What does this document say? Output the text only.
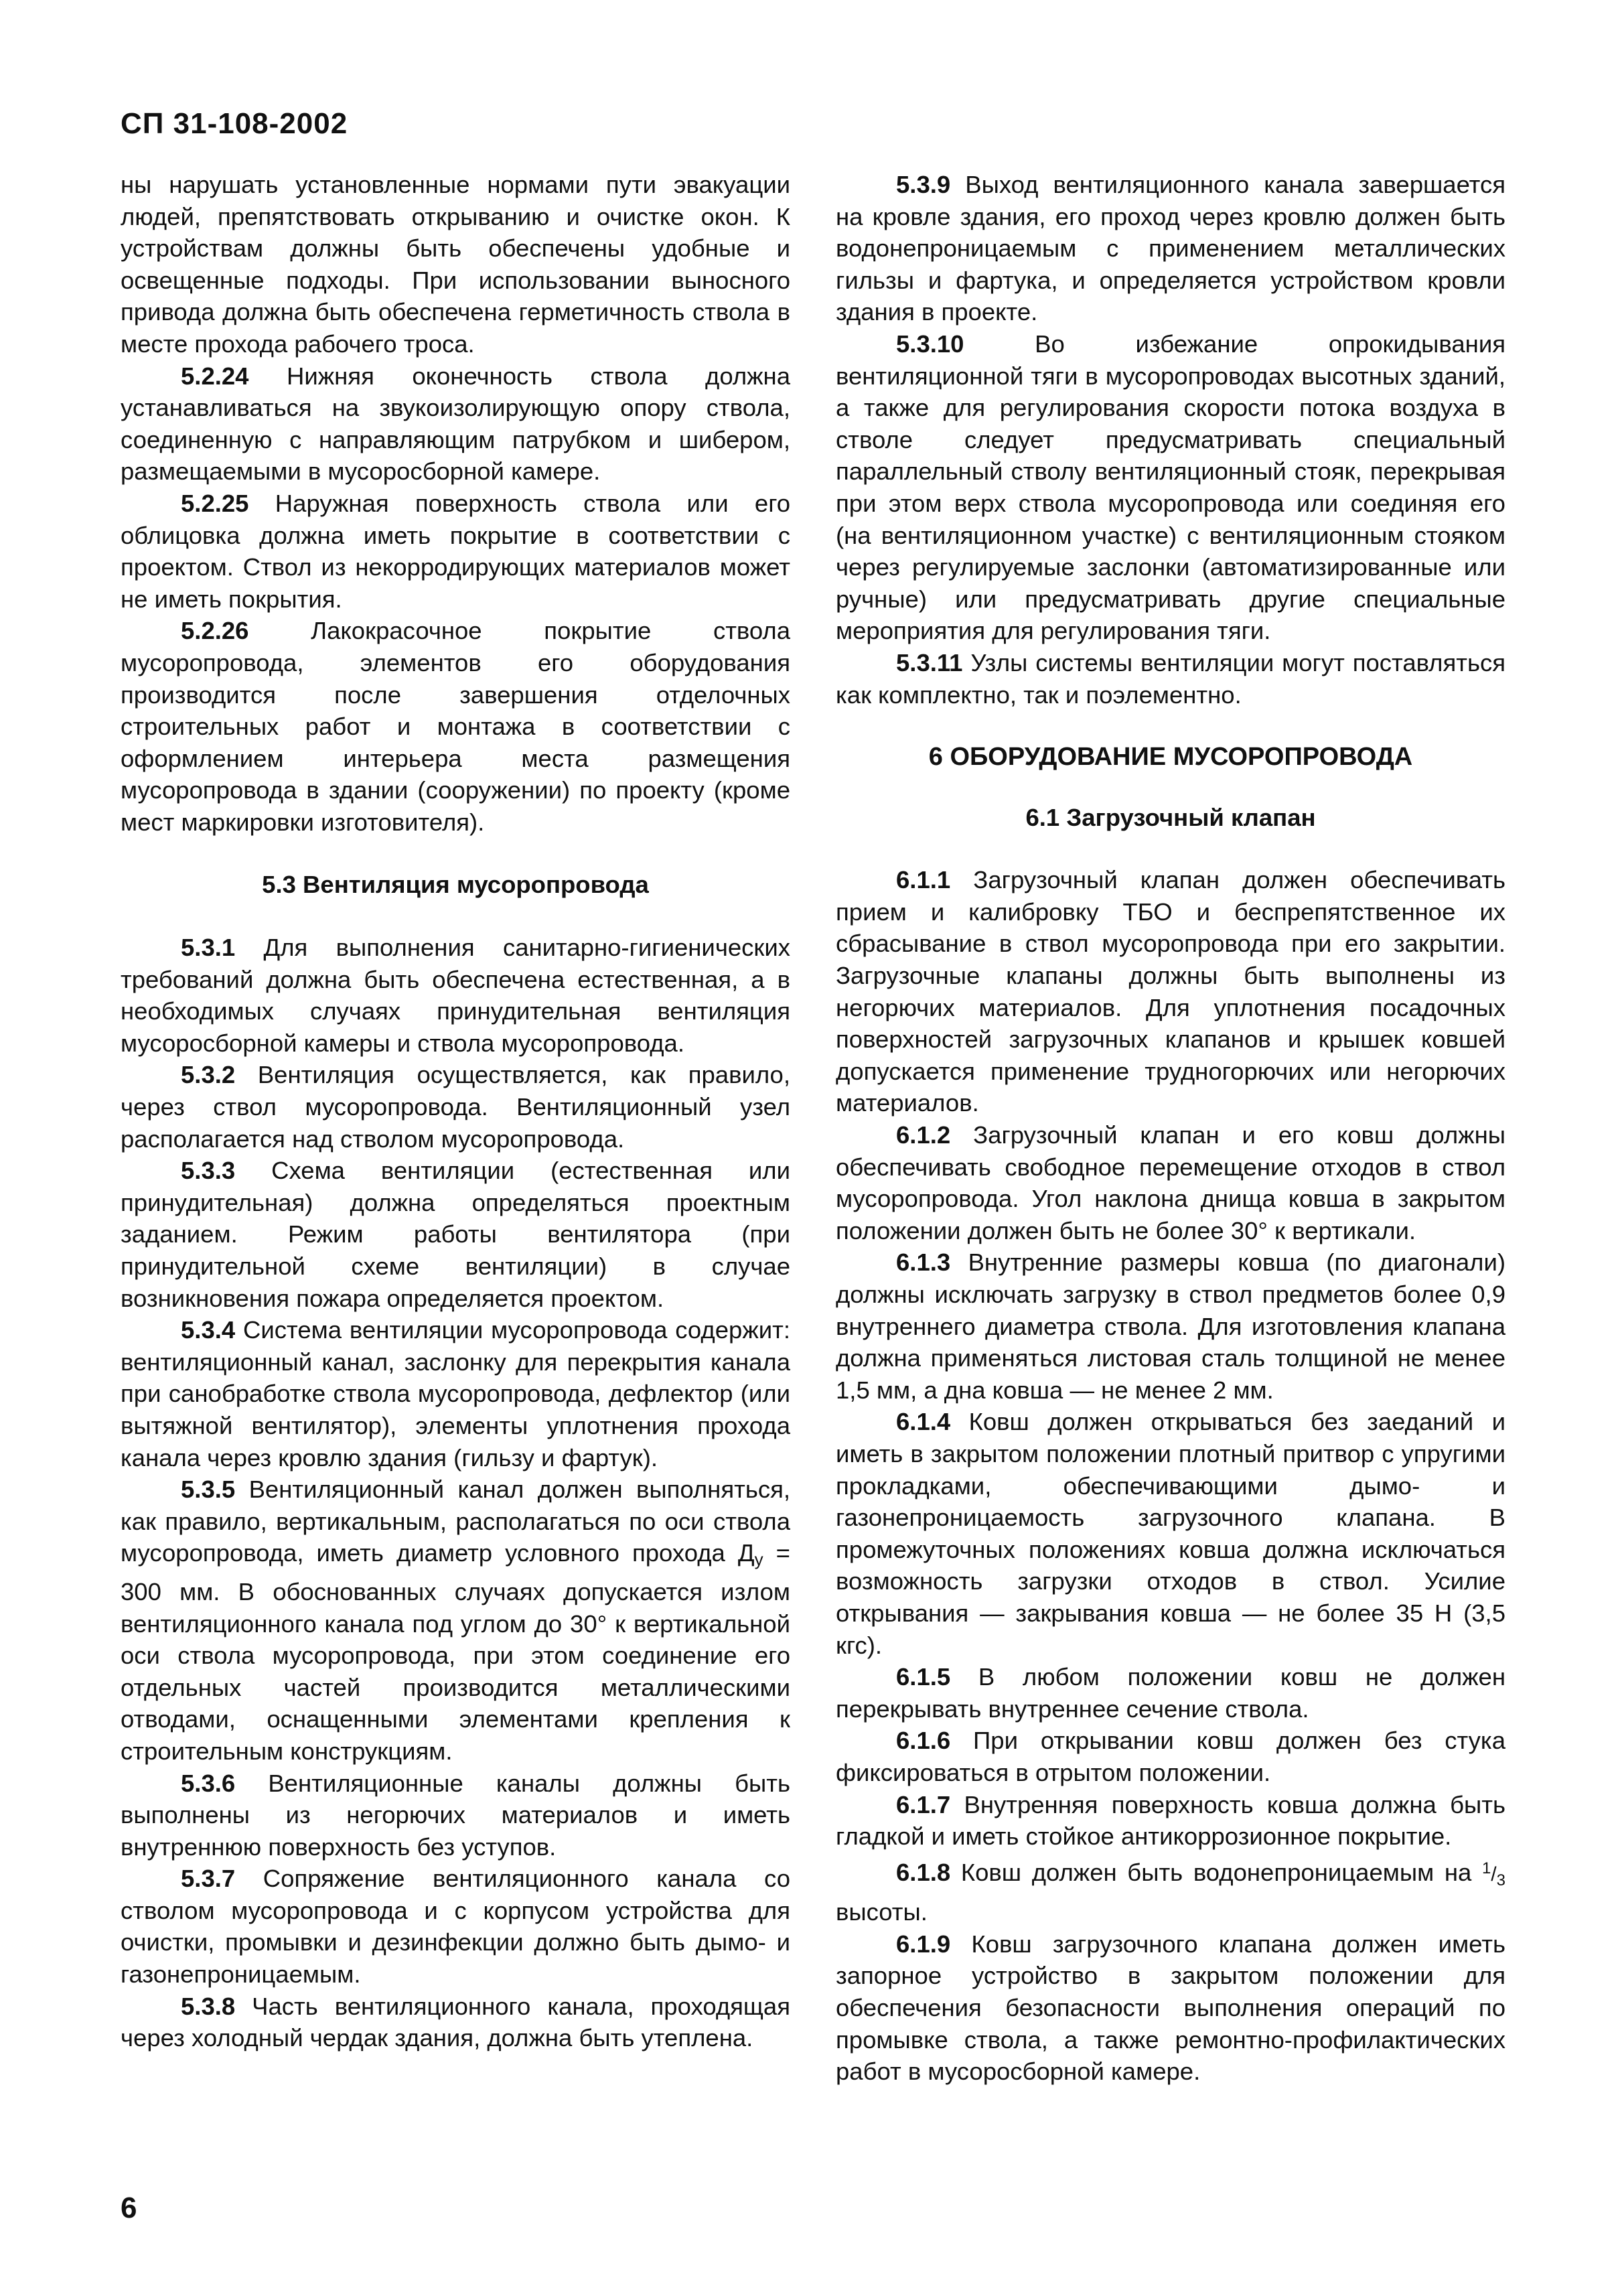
СП 31-108-2002

ны нарушать установленные нормами пути эвакуации людей, препятствовать открыванию и очистке окон. К устройствам должны быть обеспечены удобные и освещенные подходы. При использовании выносного привода должна быть обеспечена герметичность ствола в месте прохода рабочего троса.

5.2.24 Нижняя оконечность ствола должна устанавливаться на звукоизолирующую опору ствола, соединенную с направляющим патрубком и шибером, размещаемыми в мусоросборной камере.

5.2.25 Наружная поверхность ствола или его облицовка должна иметь покрытие в соответствии с проектом. Ствол из некорродирующих материалов может не иметь покрытия.

5.2.26 Лакокрасочное покрытие ствола мусоропровода, элементов его оборудования производится после завершения отделочных строительных работ и монтажа в соответствии с оформлением интерьера места размещения мусоропровода в здании (сооружении) по проекту (кроме мест маркировки изготовителя).

5.3 Вентиляция мусоропровода

5.3.1 Для выполнения санитарно-гигиенических требований должна быть обеспечена естественная, а в необходимых случаях принудительная вентиляция мусоросборной камеры и ствола мусоропровода.

5.3.2 Вентиляция осуществляется, как правило, через ствол мусоропровода. Вентиляционный узел располагается над стволом мусоропровода.

5.3.3 Схема вентиляции (естественная или принудительная) должна определяться проектным заданием. Режим работы вентилятора (при принудительной схеме вентиляции) в случае возникновения пожара определяется проектом.

5.3.4 Система вентиляции мусоропровода содержит: вентиляционный канал, заслонку для перекрытия канала при санобработке ствола мусоропровода, дефлектор (или вытяжной вентилятор), элементы уплотнения прохода канала через кровлю здания (гильзу и фартук).

5.3.5 Вентиляционный канал должен выполняться, как правило, вертикальным, располагаться по оси ствола мусоропровода, иметь диаметр условного прохода $Д_у = 300$ мм. В обоснованных случаях допускается излом вентиляционного канала под углом до 30° к вертикальной оси ствола мусоропровода, при этом соединение его отдельных частей производится металлическими отводами, оснащенными элементами крепления к строительным конструкциям.

5.3.6 Вентиляционные каналы должны быть выполнены из негорючих материалов и иметь внутреннюю поверхность без уступов.

5.3.7 Сопряжение вентиляционного канала со стволом мусоропровода и с корпусом устройства для очистки, промывки и дезинфекции должно быть дымо- и газонепроницаемым.

5.3.8 Часть вентиляционного канала, проходящая через холодный чердак здания, должна быть утеплена.

5.3.9 Выход вентиляционного канала завершается на кровле здания, его проход через кровлю должен быть водонепроницаемым с применением металлических гильзы и фартука, и определяется устройством кровли здания в проекте.

5.3.10 Во избежание опрокидывания вентиляционной тяги в мусоропроводах высотных зданий, а также для регулирования скорости потока воздуха в стволе следует предусматривать специальный параллельный стволу вентиляционный стояк, перекрывая при этом верх ствола мусоропровода или соединяя его (на вентиляционном участке) с вентиляционным стояком через регулируемые заслонки (автоматизированные или ручные) или предусматривать другие специальные мероприятия для регулирования тяги.

5.3.11 Узлы системы вентиляции могут поставляться как комплектно, так и поэлементно.

6 ОБОРУДОВАНИЕ МУСОРОПРОВОДА

6.1 Загрузочный клапан

6.1.1 Загрузочный клапан должен обеспечивать прием и калибровку ТБО и беспрепятственное их сбрасывание в ствол мусоропровода при его закрытии. Загрузочные клапаны должны быть выполнены из негорючих материалов. Для уплотнения посадочных поверхностей загрузочных клапанов и крышек ковшей допускается применение трудногорючих или негорючих материалов.

6.1.2 Загрузочный клапан и его ковш должны обеспечивать свободное перемещение отходов в ствол мусоропровода. Угол наклона днища ковша в закрытом положении должен быть не более 30° к вертикали.

6.1.3 Внутренние размеры ковша (по диагонали) должны исключать загрузку в ствол предметов более 0,9 внутреннего диаметра ствола. Для изготовления клапана должна применяться листовая сталь толщиной не менее 1,5 мм, а дна ковша — не менее 2 мм.

6.1.4 Ковш должен открываться без заеданий и иметь в закрытом положении плотный притвор с упругими прокладками, обеспечивающими дымо- и газонепроницаемость загрузочного клапана. В промежуточных положениях ковша должна исключаться возможность загрузки отходов в ствол. Усилие открывания — закрывания ковша — не более 35 Н (3,5 кгс).

6.1.5 В любом положении ковш не должен перекрывать внутреннее сечение ствола.

6.1.6 При открывании ковш должен без стука фиксироваться в отрытом положении.

6.1.7 Внутренняя поверхность ковша должна быть гладкой и иметь стойкое антикоррозионное покрытие.

6.1.8 Ковш должен быть водонепроницаемым на $^1/_3$ высоты.

6.1.9 Ковш загрузочного клапана должен иметь запорное устройство в закрытом положении для обеспечения безопасности выполнения операций по промывке ствола, а также ремонтно-профилактических работ в мусоросборной камере.

6
